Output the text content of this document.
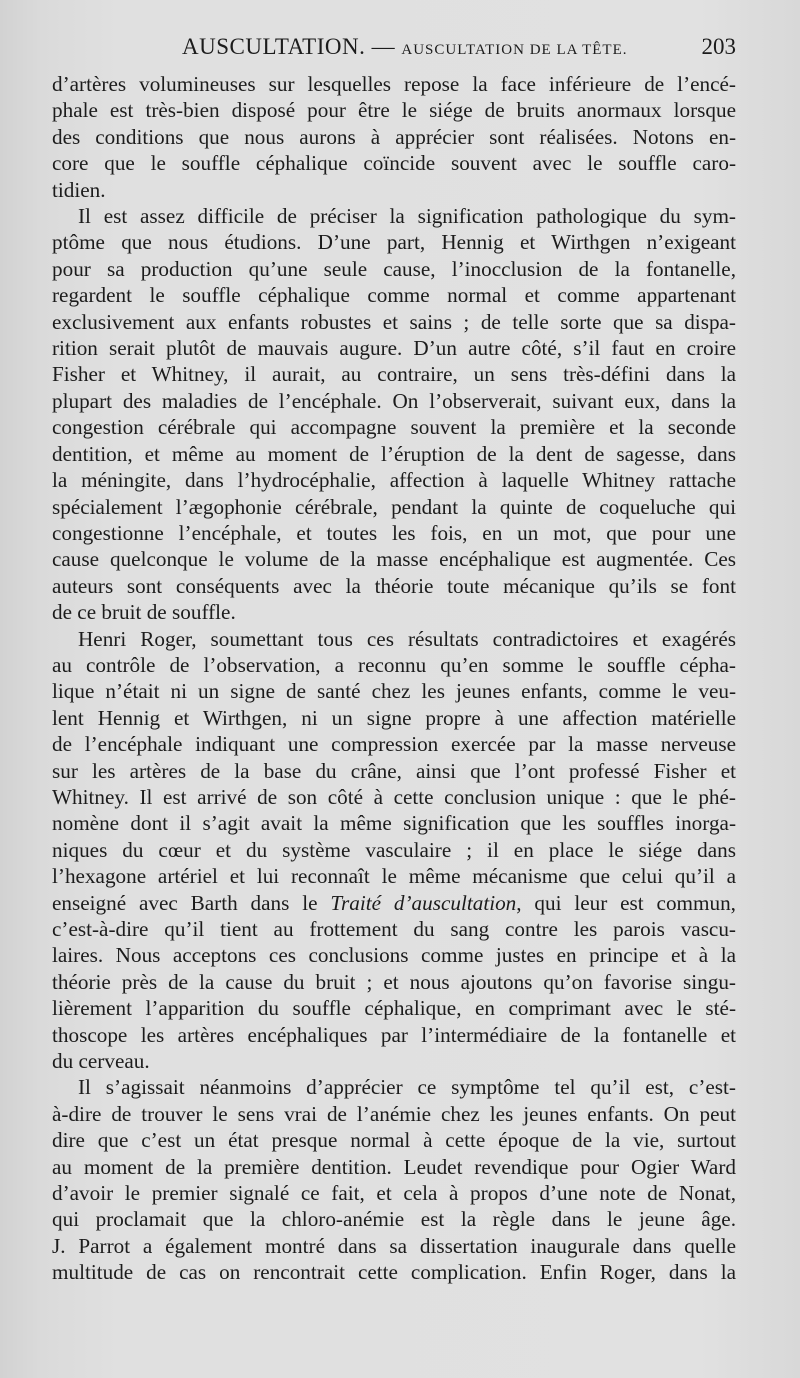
AUSCULTATION. — AUSCULTATION DE LA TÊTE.	203

d’artères volumineuses sur lesquelles repose la face inférieure de l’encé-

phale est très-bien disposé pour être le siége de bruits anormaux lorsque

des conditions que nous aurons à apprécier sont réalisées. Notons en-

core que le souffle céphalique coïncide souvent avec le souffle caro-

tidien.

Il est assez difficile de préciser la signification pathologique du sym-

ptôme que nous étudions. D’une part, Hennig et Wirthgen n’exigeant

pour sa production qu’une seule cause, l’inocclusion de la fontanelle,

regardent le souffle céphalique comme normal et comme appartenant

exclusivement aux enfants robustes et sains ; de telle sorte que sa dispa-

rition serait plutôt de mauvais augure. D’un autre côté, s’il faut en croire

Fisher et Whitney, il aurait, au contraire, un sens très-défini dans la

plupart des maladies de l’encéphale. On l’observerait, suivant eux, dans la

congestion cérébrale qui accompagne souvent la première et la seconde

dentition, et même au moment de l’éruption de la dent de sagesse, dans

la méningite, dans l’hydrocéphalie, affection à laquelle Whitney rattache

spécialement l’ægophonie cérébrale, pendant la quinte de coqueluche qui

congestionne l’encéphale, et toutes les fois, en un mot, que pour une

cause quelconque le volume de la masse encéphalique est augmentée. Ces

auteurs sont conséquents avec la théorie toute mécanique qu’ils se font

de ce bruit de souffle.

Henri Roger, soumettant tous ces résultats contradictoires et exagérés

au contrôle de l’observation, a reconnu qu’en somme le souffle cépha-

lique n’était ni un signe de santé chez les jeunes enfants, comme le veu-

lent Hennig et Wirthgen, ni un signe propre à une affection matérielle

de l’encéphale indiquant une compression exercée par la masse nerveuse

sur les artères de la base du crâne, ainsi que l’ont professé Fisher et

Whitney. Il est arrivé de son côté à cette conclusion unique : que le phé-

nomène dont il s’agit avait la même signification que les souffles inorga-

niques du cœur et du système vasculaire ; il en place le siége dans

l’hexagone artériel et lui reconnaît le même mécanisme que celui qu’il a

enseigné avec Barth dans le Traité d’auscultation, qui leur est commun,

c’est-à-dire qu’il tient au frottement du sang contre les parois vascu-

laires. Nous acceptons ces conclusions comme justes en principe et à la

théorie près de la cause du bruit ; et nous ajoutons qu’on favorise singu-

lièrement l’apparition du souffle céphalique, en comprimant avec le sté-

thoscope les artères encéphaliques par l’intermédiaire de la fontanelle et

du cerveau.

Il s’agissait néanmoins d’apprécier ce symptôme tel qu’il est, c’est-

à-dire de trouver le sens vrai de l’anémie chez les jeunes enfants. On peut

dire que c’est un état presque normal à cette époque de la vie, surtout

au moment de la première dentition. Leudet revendique pour Ogier Ward

d’avoir le premier signalé ce fait, et cela à propos d’une note de Nonat,

qui proclamait que la chloro-anémie est la règle dans le jeune âge.

J. Parrot a également montré dans sa dissertation inaugurale dans quelle

multitude de cas on rencontrait cette complication. Enfin Roger, dans la
